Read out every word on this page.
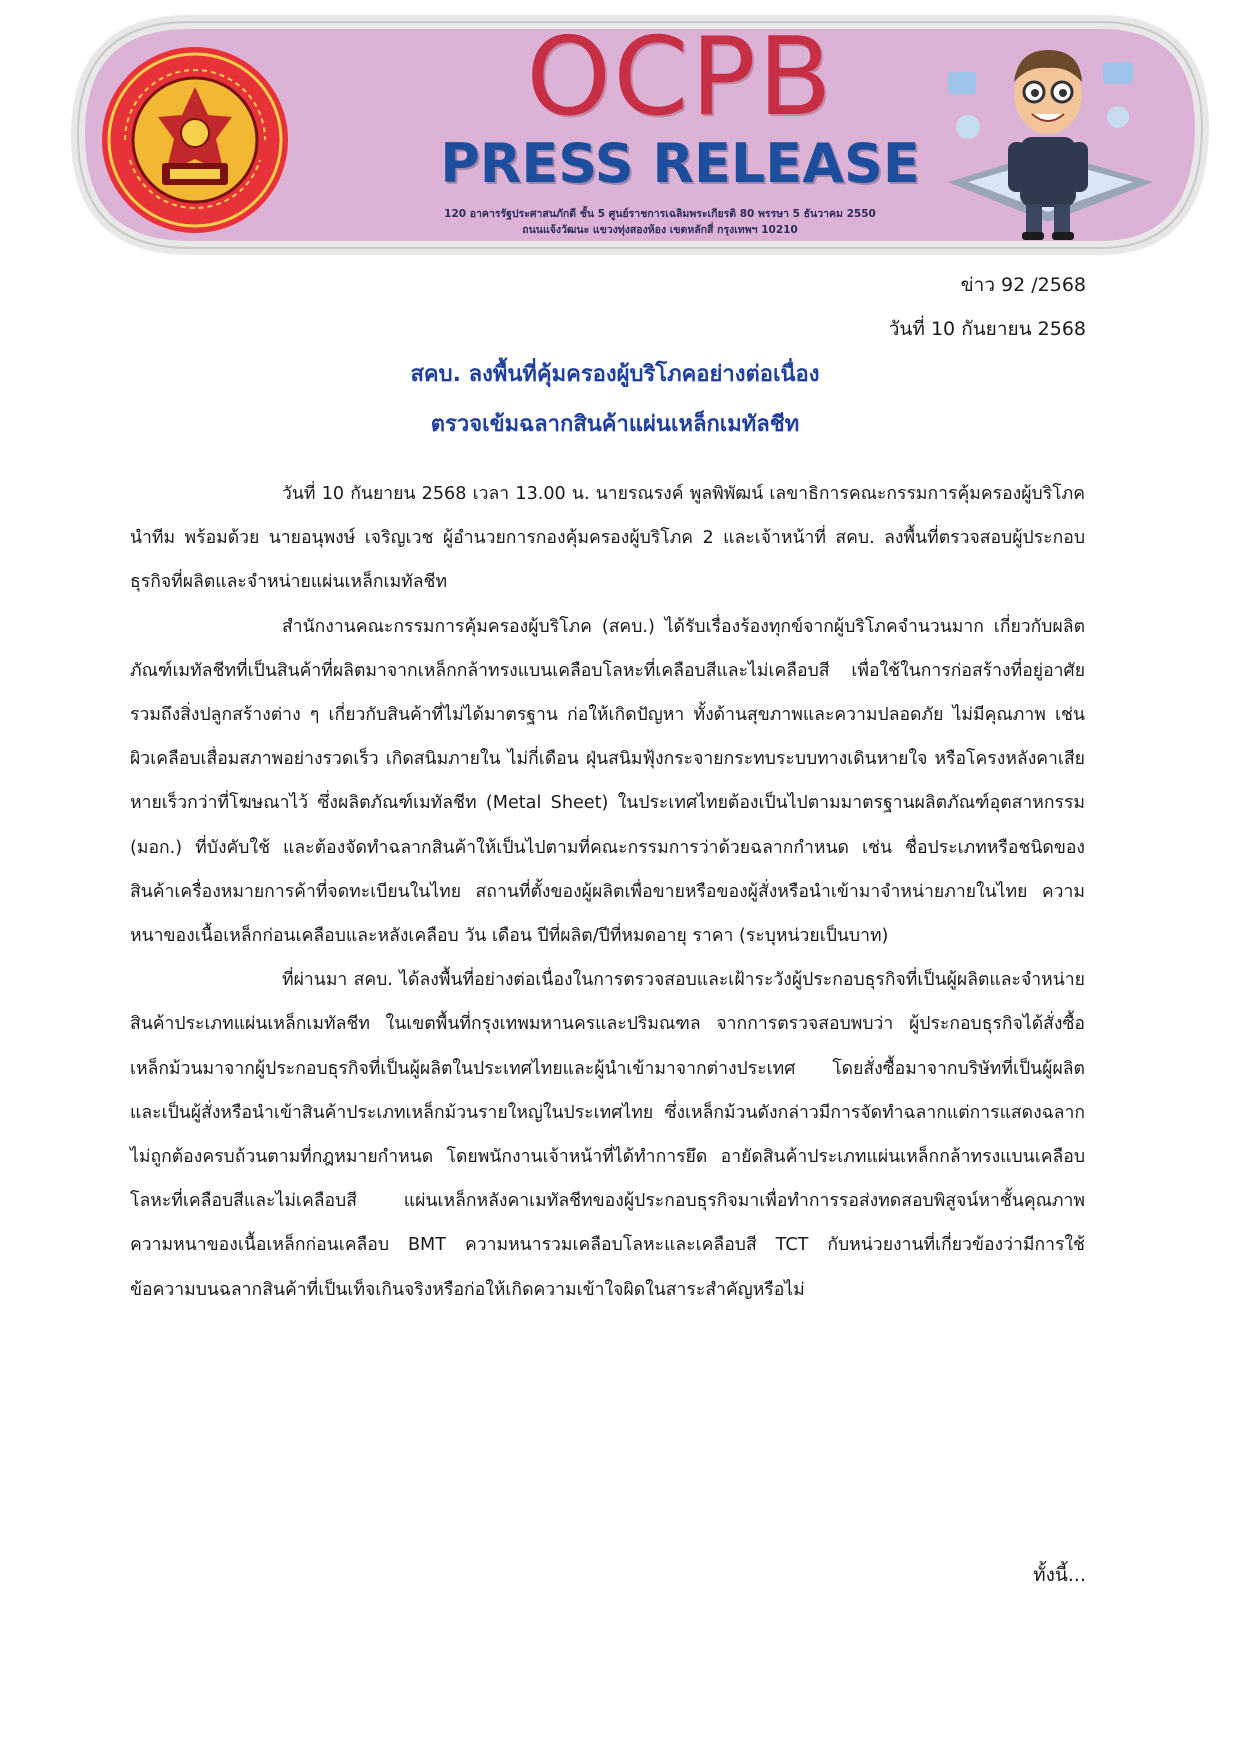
OCPB
PRESS RELEASE
120 อาคารรัฐประศาสนภักดี ชั้น 5 ศูนย์ราชการเฉลิมพระเกียรติ 80 พรรษา 5 ธันวาคม 2550
ถนนแจ้งวัฒนะ แขวงทุ่งสองห้อง เขตหลักสี่ กรุงเทพฯ 10210
ข่าว 92 /2568
วันที่ 10 กันยายน 2568
สคบ. ลงพื้นที่คุ้มครองผู้บริโภคอย่างต่อเนื่อง
ตรวจเข้มฉลากสินค้าแผ่นเหล็กเมทัลชีท

วันที่ 10 กันยายน 2568 เวลา 13.00 น. นายรณรงค์ พูลพิพัฒน์ เลขาธิการคณะกรรมการคุ้มครองผู้บริโภค นำทีม พร้อมด้วย นายอนุพงษ์ เจริญเวช ผู้อำนวยการกองคุ้มครองผู้บริโภค 2 และเจ้าหน้าที่ สคบ. ลงพื้นที่ตรวจสอบผู้ประกอบธุรกิจที่ผลิตและจำหน่ายแผ่นเหล็กเมทัลชีท

สำนักงานคณะกรรมการคุ้มครองผู้บริโภค (สคบ.) ได้รับเรื่องร้องทุกข์จากผู้บริโภคจำนวนมาก เกี่ยวกับผลิตภัณฑ์เมทัลชีทที่เป็นสินค้าที่ผลิตมาจากเหล็กกล้าทรงแบนเคลือบโลหะที่เคลือบสีและไม่เคลือบสี เพื่อใช้ในการก่อสร้างที่อยู่อาศัย รวมถึงสิ่งปลูกสร้างต่าง ๆ เกี่ยวกับสินค้าที่ไม่ได้มาตรฐาน ก่อให้เกิดปัญหา ทั้งด้านสุขภาพและความปลอดภัย ไม่มีคุณภาพ เช่น ผิวเคลือบเสื่อมสภาพอย่างรวดเร็ว เกิดสนิมภายใน ไม่กี่เดือน ฝุ่นสนิมฟุ้งกระจายกระทบระบบทางเดินหายใจ หรือโครงหลังคาเสียหายเร็วกว่าที่โฆษณาไว้ ซึ่งผลิตภัณฑ์เมทัลชีท (Metal Sheet) ในประเทศไทยต้องเป็นไปตามมาตรฐานผลิตภัณฑ์อุตสาหกรรม (มอก.) ที่บังคับใช้ และต้องจัดทำฉลากสินค้าให้เป็นไปตามที่คณะกรรมการว่าด้วยฉลากกำหนด เช่น ชื่อประเภทหรือชนิดของสินค้าเครื่องหมายการค้าที่จดทะเบียนในไทย สถานที่ตั้งของผู้ผลิตเพื่อขายหรือของผู้สั่งหรือนำเข้ามาจำหน่ายภายในไทย ความหนาของเนื้อเหล็กก่อนเคลือบและหลังเคลือบ วัน เดือน ปีที่ผลิต/ปีที่หมดอายุ ราคา (ระบุหน่วยเป็นบาท)

ที่ผ่านมา สคบ. ได้ลงพื้นที่อย่างต่อเนื่องในการตรวจสอบและเฝ้าระวังผู้ประกอบธุรกิจที่เป็นผู้ผลิตและจำหน่ายสินค้าประเภทแผ่นเหล็กเมทัลชีท ในเขตพื้นที่กรุงเทพมหานครและปริมณฑล จากการตรวจสอบพบว่า ผู้ประกอบธุรกิจได้สั่งซื้อเหล็กม้วนมาจากผู้ประกอบธุรกิจที่เป็นผู้ผลิตในประเทศไทยและผู้นำเข้ามาจากต่างประเทศ โดยสั่งซื้อมาจากบริษัทที่เป็นผู้ผลิตและเป็นผู้สั่งหรือนำเข้าสินค้าประเภทเหล็กม้วนรายใหญ่ในประเทศไทย ซึ่งเหล็กม้วนดังกล่าวมีการจัดทำฉลากแต่การแสดงฉลากไม่ถูกต้องครบถ้วนตามที่กฎหมายกำหนด โดยพนักงานเจ้าหน้าที่ได้ทำการยึด อายัดสินค้าประเภทแผ่นเหล็กกล้าทรงแบนเคลือบโลหะที่เคลือบสีและไม่เคลือบสี แผ่นเหล็กหลังคาเมทัลชีทของผู้ประกอบธุรกิจมาเพื่อทำการรอส่งทดสอบพิสูจน์หาชั้นคุณภาพ ความหนาของเนื้อเหล็กก่อนเคลือบ BMT ความหนารวมเคลือบโลหะและเคลือบสี TCT กับหน่วยงานที่เกี่ยวข้องว่ามีการใช้ข้อความบนฉลากสินค้าที่เป็นเท็จเกินจริงหรือก่อให้เกิดความเข้าใจผิดในสาระสำคัญหรือไม่

ทั้งนี้...
